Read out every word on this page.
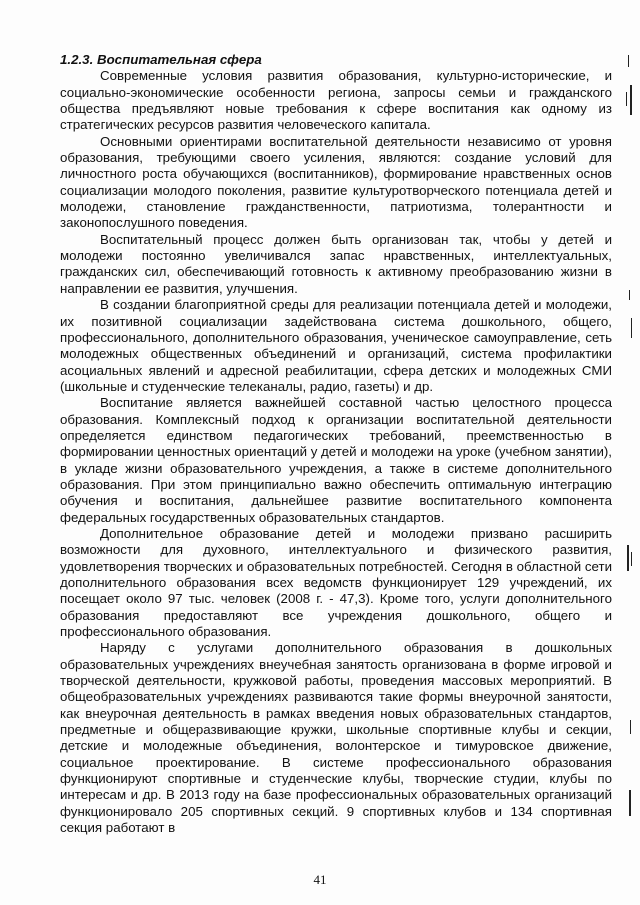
1.2.3. Воспитательная сфера

Современные условия развития образования, культурно-исторические, и социально-экономические особенности региона, запросы семьи и гражданского общества предъявляют новые требования к сфере воспитания как одному из стратегических ресурсов развития человеческого капитала.

Основными ориентирами воспитательной деятельности независимо от уровня образования, требующими своего усиления, являются: создание условий для личностного роста обучающихся (воспитанников), формирование нравственных основ социализации молодого поколения, развитие культуротворческого потенциала детей и молодежи, становление гражданственности, патриотизма, толерантности и законопослушного поведения.

Воспитательный процесс должен быть организован так, чтобы у детей и молодежи постоянно увеличивался запас нравственных, интеллектуальных, гражданских сил, обеспечивающий готовность к активному преобразованию жизни в направлении ее развития, улучшения.

В создании благоприятной среды для реализации потенциала детей и молодежи, их позитивной социализации задействована система дошкольного, общего, профессионального, дополнительного образования, ученическое самоуправление, сеть молодежных общественных объединений и организаций, система профилактики асоциальных явлений и адресной реабилитации, сфера детских и молодежных СМИ (школьные и студенческие телеканалы, радио, газеты) и др.

Воспитание является важнейшей составной частью целостного процесса образования. Комплексный подход к организации воспитательной деятельности определяется единством педагогических требований, преемственностью в формировании ценностных ориентаций у детей и молодежи на уроке (учебном занятии), в укладе жизни образовательного учреждения, а также в системе дополнительного образования. При этом принципиально важно обеспечить оптимальную интеграцию обучения и воспитания, дальнейшее развитие воспитательного компонента федеральных государственных образовательных стандартов.

Дополнительное образование детей и молодежи призвано расширить возможности для духовного, интеллектуального и физического развития, удовлетворения творческих и образовательных потребностей. Сегодня в областной сети дополнительного образования всех ведомств функционирует 129 учреждений, их посещает около 97 тыс. человек (2008 г. - 47,3). Кроме того, услуги дополнительного образования предоставляют все учреждения дошкольного, общего и профессионального образования.

Наряду с услугами дополнительного образования в дошкольных образовательных учреждениях внеучебная занятость организована в форме игровой и творческой деятельности, кружковой работы, проведения массовых мероприятий. В общеобразовательных учреждениях развиваются такие формы внеурочной занятости, как внеурочная деятельность в рамках введения новых образовательных стандартов, предметные и общеразвивающие кружки, школьные спортивные клубы и секции, детские и молодежные объединения, волонтерское и тимуровское движение, социальное проектирование. В системе профессионального образования функционируют спортивные и студенческие клубы, творческие студии, клубы по интересам и др. В 2013 году на базе профессиональных образовательных организаций функционировало 205 спортивных секций. 9 спортивных клубов и 134 спортивная секция работают в

41
